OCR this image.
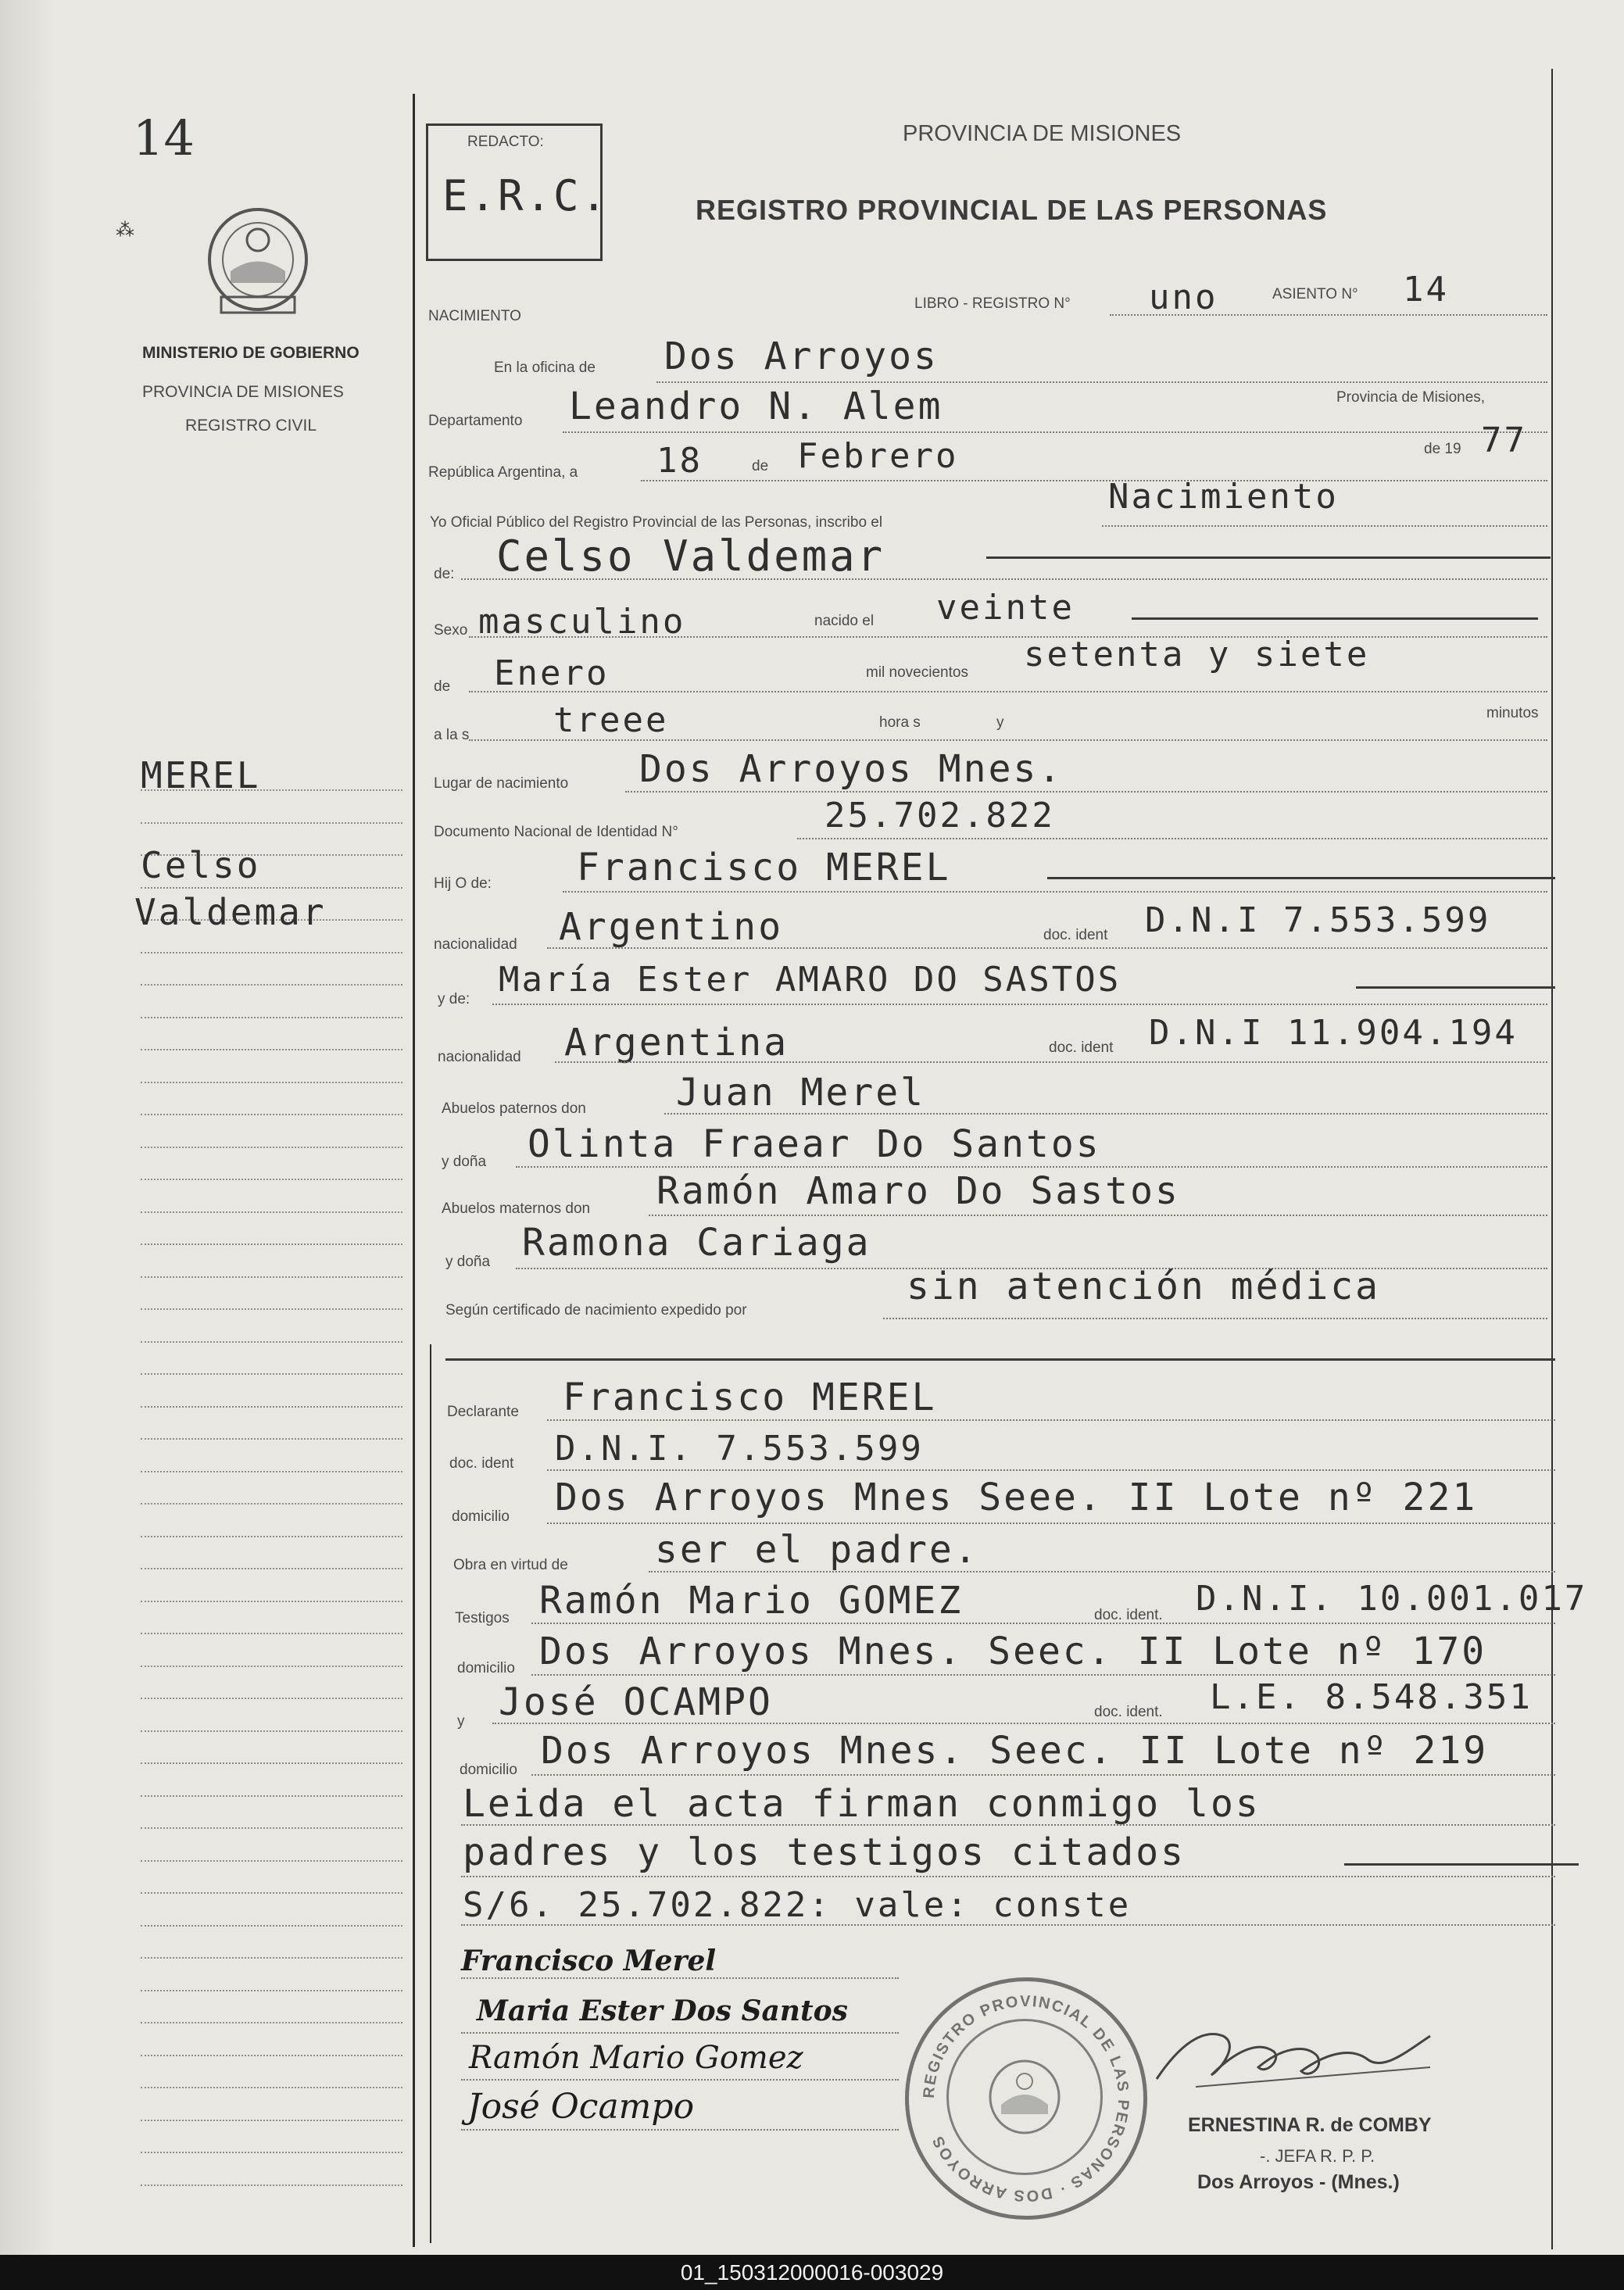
14
⁂
MINISTERIO DE GOBIERNO
PROVINCIA DE MISIONES
REGISTRO CIVIL
MEREL
Celso
Valdemar
REDACTO:
E.R.C.
PROVINCIA DE MISIONES
REGISTRO PROVINCIAL DE LAS PERSONAS
NACIMIENTO
LIBRO - REGISTRO N° uno	ASIENTO N° 14
En la oficina de Dos Arroyos
Departamento Leandro N. Alem	Provincia de Misiones,
República Argentina, a 18	de Febrero	de 19 77
Yo Oficial Público del Registro Provincial de las Personas, inscribo el
Nacimiento
de: Celso Valdemar
Sexo masculino	nacido el veinte
de Enero	mil novecientos setenta y siete
a la s treee	hora s	y
minutos
Lugar de nacimiento Dos Arroyos Mnes.
Documento Nacional de Identidad N°	25.702.822
Hij O de: Francisco MEREL
nacionalidad Argentino	doc. ident D.N.I 7.553.599
y de: María Ester AMARO DO SASTOS
nacionalidad Argentina	doc. ident D.N.I 11.904.194
Abuelos paternos don Juan Merel
y doña Olinta Fraear Do Santos
Abuelos maternos don Ramón Amaro Do Sastos
y doña Ramona Cariaga
Según certificado de nacimiento expedido por
sin atención médica
Declarante Francisco MEREL
doc. ident D.N.I. 7.553.599
domicilio Dos Arroyos Mnes Seee. II Lote nº 221
Obra en virtud de ser el padre.
Testigos Ramón Mario GOMEZ	doc. ident. D.N.I. 10.001.017
domicilio Dos Arroyos Mnes. Seec. II Lote nº 170
y José OCAMPO	doc. ident. L.E. 8.548.351
domicilio Dos Arroyos Mnes. Seec. II Lote nº 219
Leida el acta firman conmigo los
padres y los testigos citados
S/6. 25.702.822: vale: conste
Francisco Merel
Maria Ester Dos Santos
Ramón Mario Gomez
José Ocampo	REGISTRO PROVINCIAL DE LAS PERSONAS · DOS ARROYOS
ERNESTINA R. de COMBY
-. JEFA R. P. P.
Dos Arroyos - (Mnes.)
01_150312000016-003029
